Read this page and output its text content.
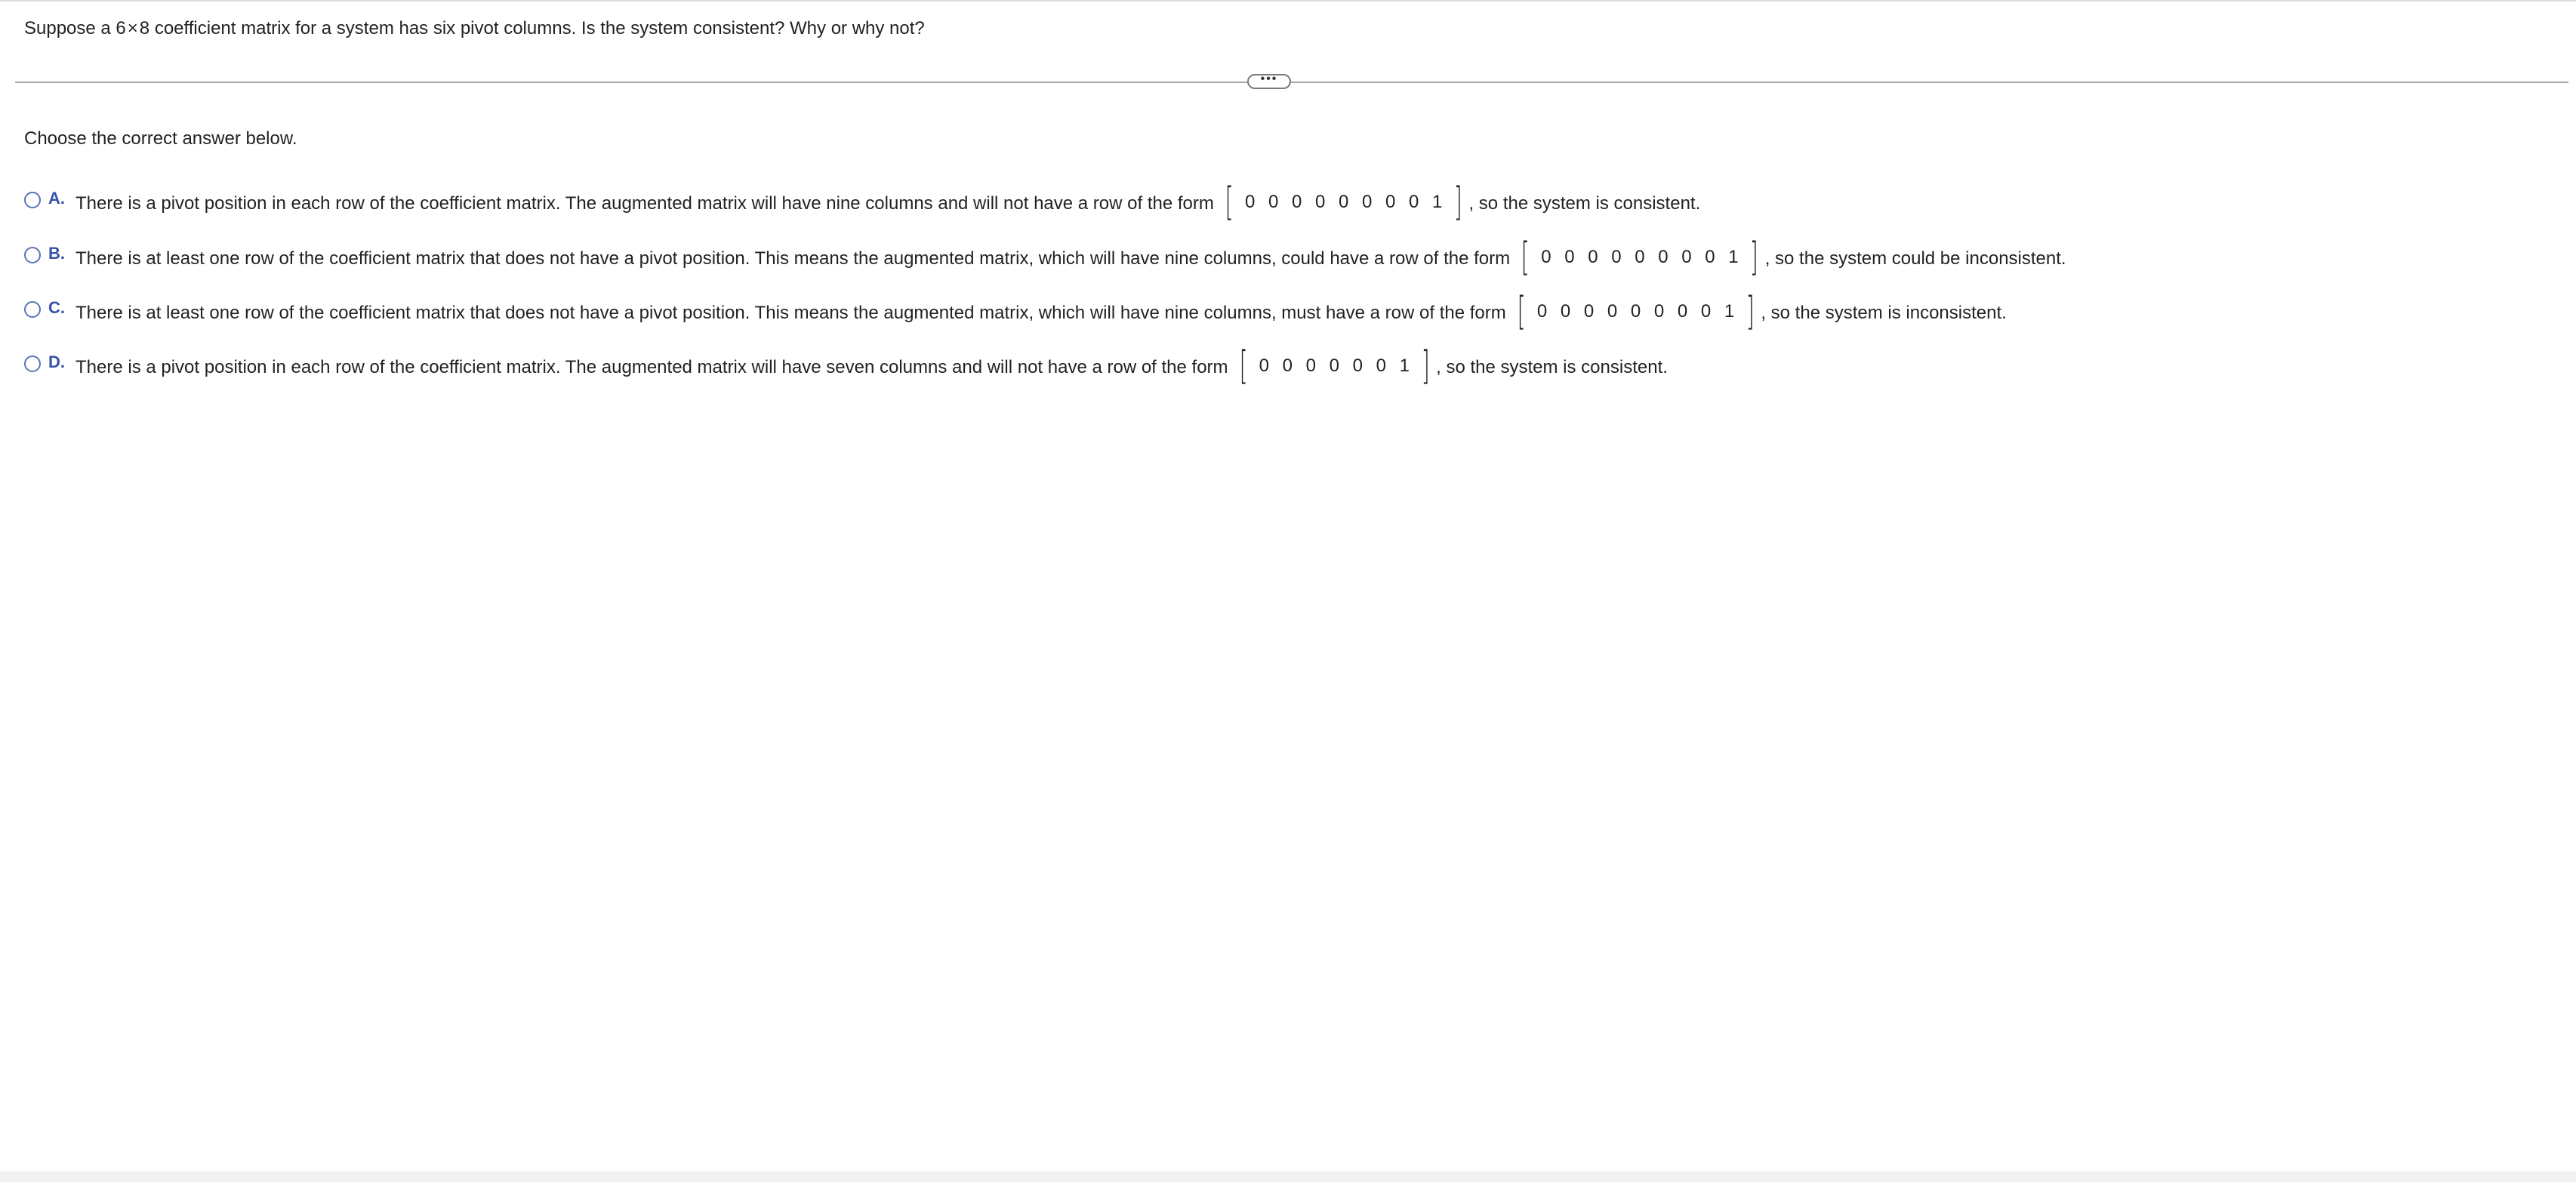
Suppose a 6×8 coefficient matrix for a system has six pivot columns. Is the system consistent? Why or why not?
•••
Choose the correct answer below.
A. There is a pivot position in each row of the coefficient matrix. The augmented matrix will have nine columns and will not have a row of the form [ 0 0 0 0 0 0 0 0 1 ] , so the system is consistent.
B. There is at least one row of the coefficient matrix that does not have a pivot position. This means the augmented matrix, which will have nine columns, could have a row of the form [ 0 0 0 0 0 0 0 0 1 ] , so the system could be inconsistent.
C. There is at least one row of the coefficient matrix that does not have a pivot position. This means the augmented matrix, which will have nine columns, must have a row of the form [ 0 0 0 0 0 0 0 0 1 ] , so the system is inconsistent.
D. There is a pivot position in each row of the coefficient matrix. The augmented matrix will have seven columns and will not have a row of the form [ 0 0 0 0 0 0 1 ] , so the system is consistent.
